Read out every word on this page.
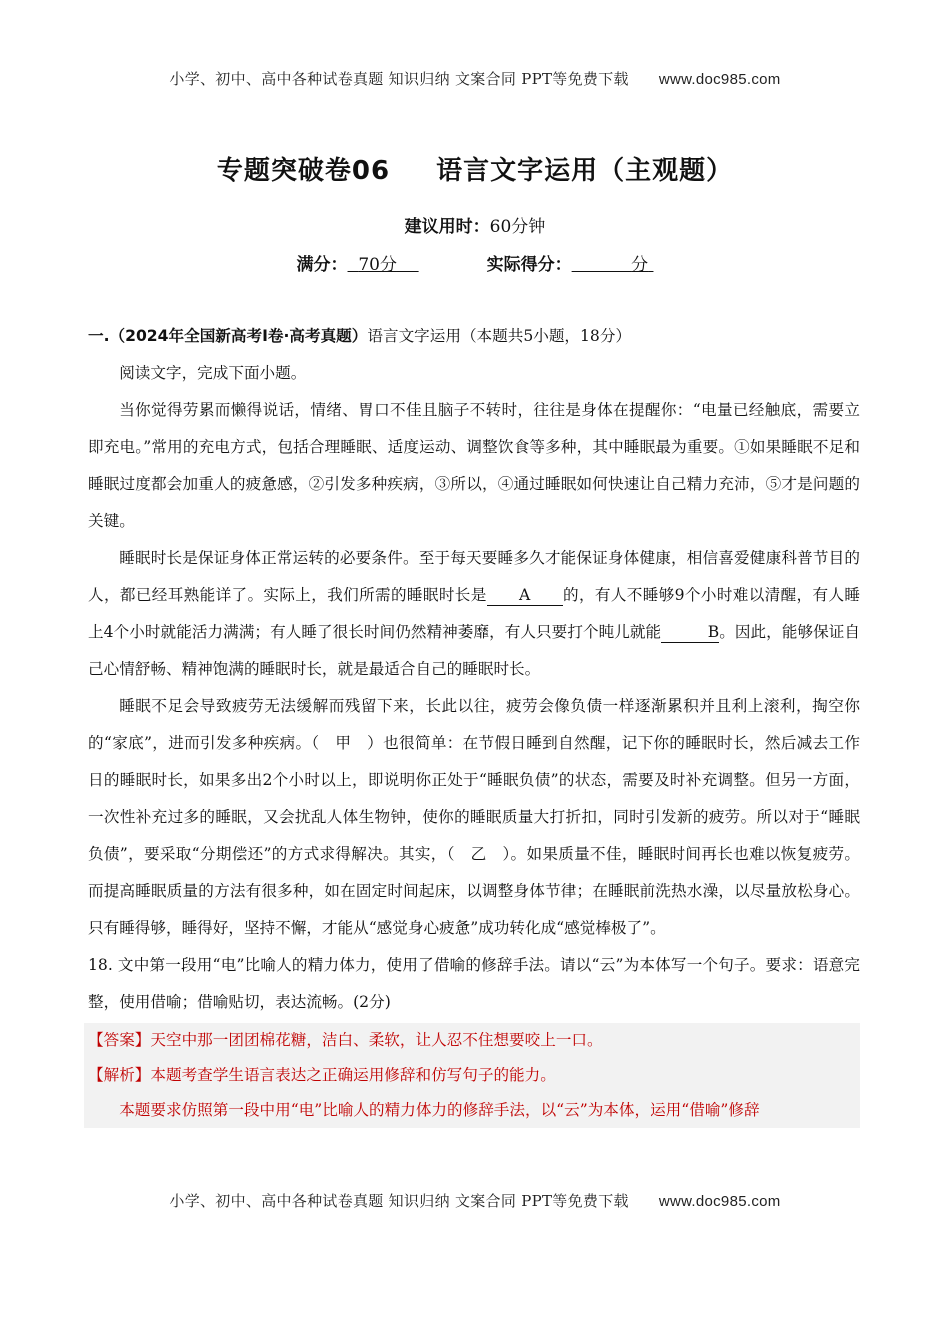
小学、初中、高中各种试卷真题 知识归纳 文案合同 PPT等免费下载 www.doc985.com
专题突破卷06 语言文字运用（主观题）
建议用时：60分钟
满分： 70分	实际得分：	分

一.（2024年全国新高考Ⅰ卷·高考真题）语言文字运用（本题共5小题，18分）

阅读文字，完成下面小题。

当你觉得劳累而懒得说话，情绪、胃口不佳且脑子不转时，往往是身体在提醒你：“电量已经触底，需要立即充电。”常用的充电方式，包括合理睡眠、适度运动、调整饮食等多种，其中睡眠最为重要。①如果睡眠不足和睡眠过度都会加重人的疲惫感，②引发多种疾病，③所以，④通过睡眠如何快速让自己精力充沛，⑤才是问题的关键。

睡眠时长是保证身体正常运转的必要条件。至于每天要睡多久才能保证身体健康，相信喜爱健康科普节目的人，都已经耳熟能详了。实际上，我们所需的睡眠时长是 A 的，有人不睡够9个小时难以清醒，有人睡上4个小时就能活力满满；有人睡了很长时间仍然精神萎靡，有人只要打个盹儿就能	B。因此，能够保证自己心情舒畅、精神饱满的睡眠时长，就是最适合自己的睡眠时长。

睡眠不足会导致疲劳无法缓解而残留下来，长此以往，疲劳会像负债一样逐渐累积并且利上滚利，掏空你的“家底”，进而引发多种疾病。（　甲　）也很简单：在节假日睡到自然醒，记下你的睡眠时长，然后减去工作日的睡眠时长，如果多出2个小时以上，即说明你正处于“睡眠负债”的状态，需要及时补充调整。但另一方面，一次性补充过多的睡眠，又会扰乱人体生物钟，使你的睡眠质量大打折扣，同时引发新的疲劳。所以对于“睡眠负债”，要采取“分期偿还”的方式求得解决。其实，（　乙　）。如果质量不佳，睡眠时间再长也难以恢复疲劳。而提高睡眠质量的方法有很多种，如在固定时间起床，以调整身体节律；在睡眠前洗热水澡，以尽量放松身心。只有睡得够，睡得好，坚持不懈，才能从“感觉身心疲惫”成功转化成“感觉棒极了”。

18. 文中第一段用“电”比喻人的精力体力，使用了借喻的修辞手法。请以“云”为本体写一个句子。要求：语意完整，使用借喻；借喻贴切，表达流畅。(2分)

【答案】天空中那一团团棉花糖，洁白、柔软，让人忍不住想要咬上一口。

【解析】本题考查学生语言表达之正确运用修辞和仿写句子的能力。

本题要求仿照第一段中用“电”比喻人的精力体力的修辞手法，以“云”为本体，运用“借喻”修辞

小学、初中、高中各种试卷真题 知识归纳 文案合同 PPT等免费下载 www.doc985.com
